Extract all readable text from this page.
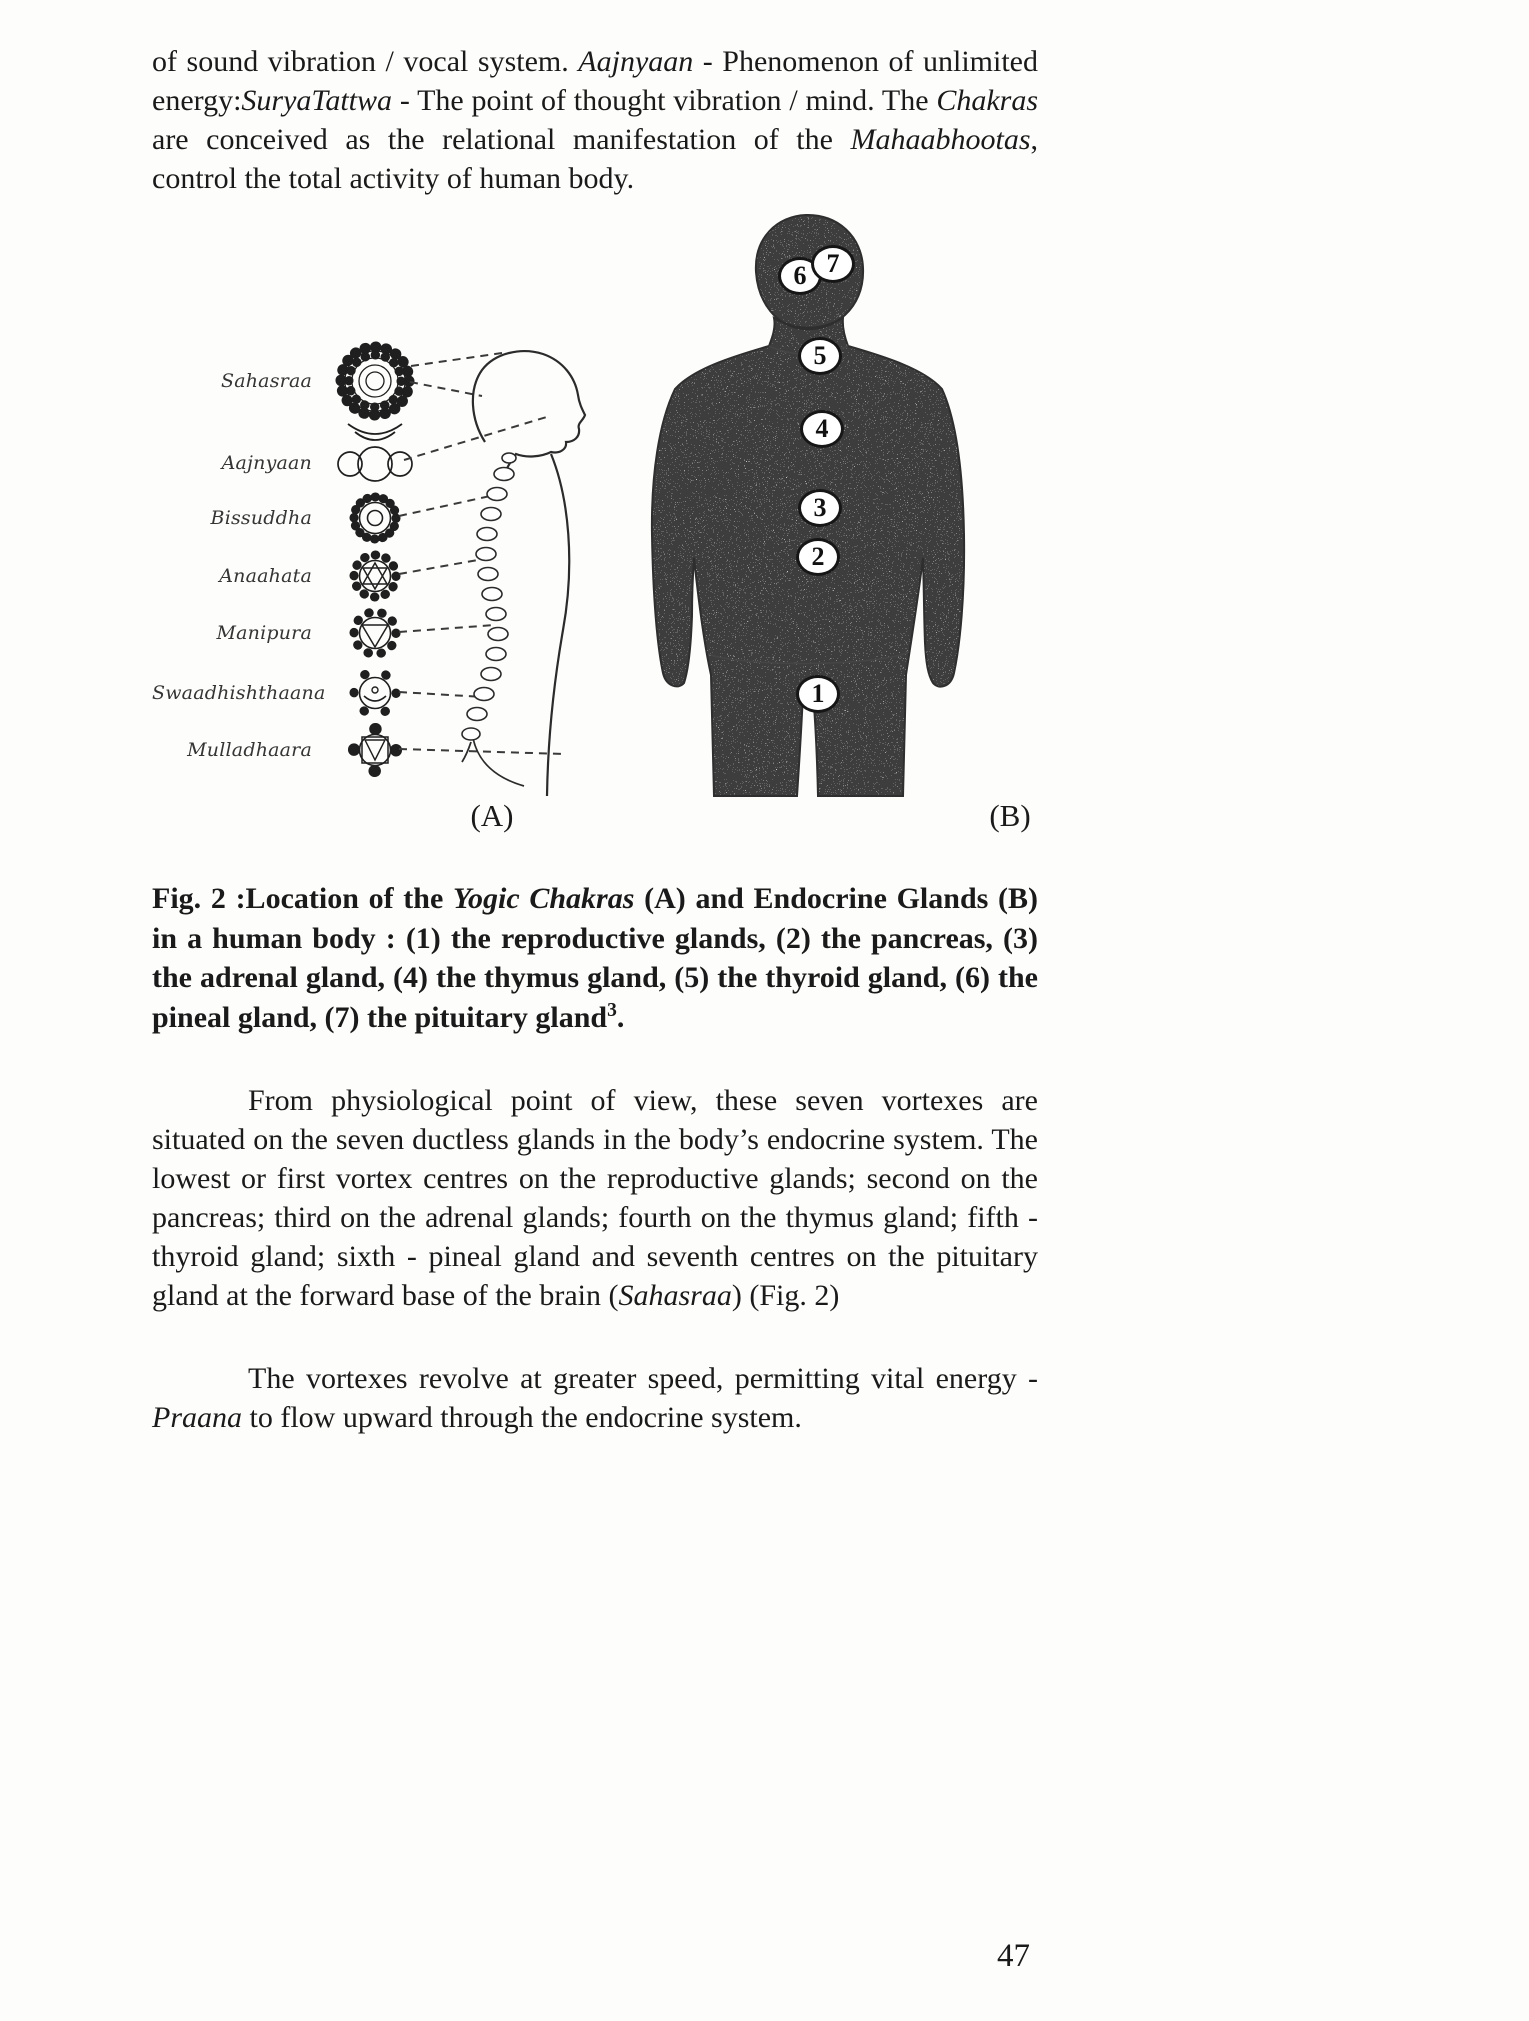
of sound vibration / vocal system. Aajnyaan - Phenomenon of unlimited energy:SuryaTattwa - The point of thought vibration / mind. The Chakras are conceived as the relational manifestation of the Mahaabhootas, control the total activity of human body.

Sahasraa
Aajnyaan
Bissuddha
Anaahata
Manipura
Swaadhishthaana
Mulladhaara
1
2
3
4
5
6 7
(A)	(B)

Fig. 2 :Location of the Yogic Chakras (A) and Endocrine Glands (B) in a human body : (1) the reproductive glands, (2) the pancreas, (3) the adrenal gland, (4) the thymus gland, (5) the thyroid gland, (6) the pineal gland, (7) the pituitary gland$^3$.

From physiological point of view, these seven vortexes are situated on the seven ductless glands in the body’s endocrine system. The lowest or first vortex centres on the reproductive glands; second on the pancreas; third on the adrenal glands; fourth on the thymus gland; fifth - thyroid gland; sixth - pineal gland and seventh centres on the pituitary gland at the forward base of the brain (Sahasraa) (Fig. 2)

The vortexes revolve at greater speed, permitting vital energy - Praana to flow upward through the endocrine system.

47
